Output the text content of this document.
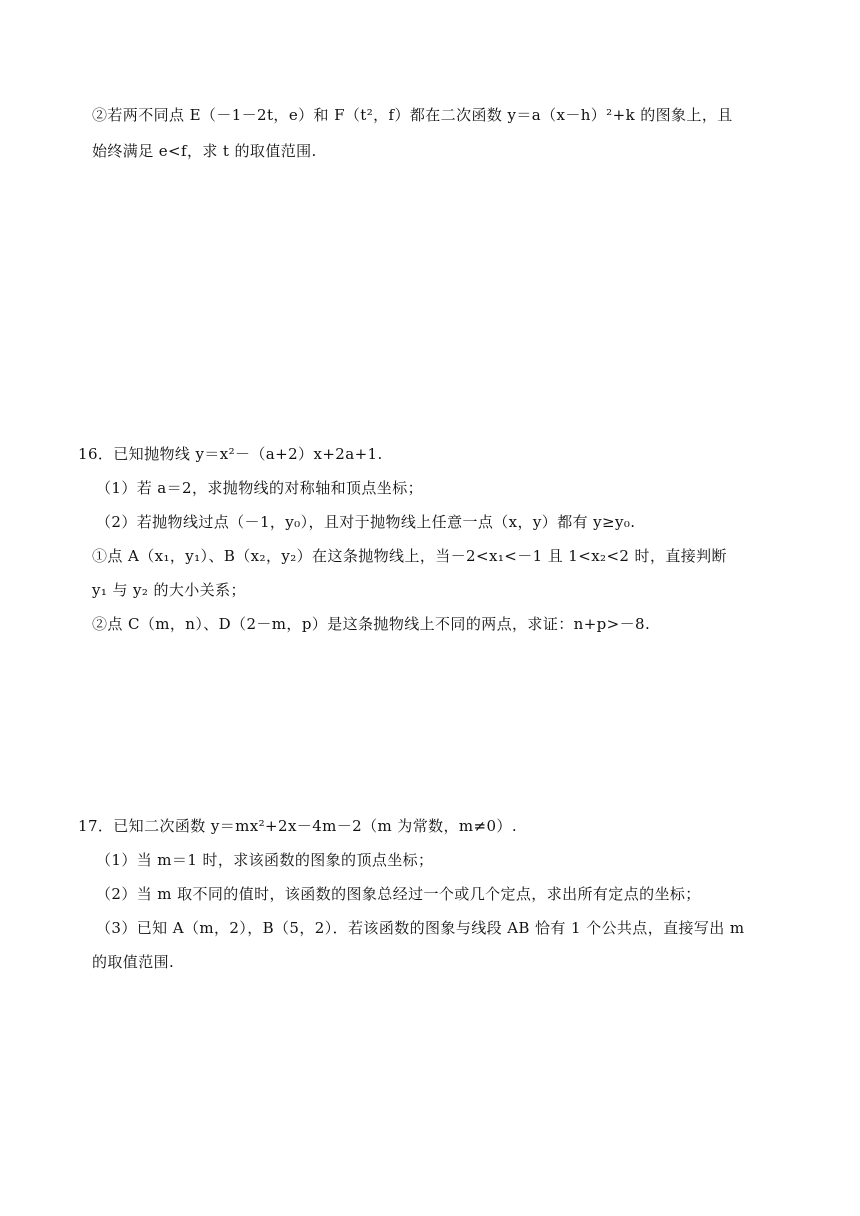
②若两不同点 E（－1－2t，e）和 F（t²，f）都在二次函数 y＝a（x－h）²+k 的图象上，且
始终满足 e<f，求 t 的取值范围.
16．已知抛物线 y＝x²－（a+2）x+2a+1.
（1）若 a＝2，求抛物线的对称轴和顶点坐标；
（2）若抛物线过点（－1，y₀），且对于抛物线上任意一点（x，y）都有 y≥y₀.
①点 A（x₁，y₁）、B（x₂，y₂）在这条抛物线上，当－2<x₁<－1 且 1<x₂<2 时，直接判断
y₁ 与 y₂ 的大小关系；
②点 C（m，n）、D（2－m，p）是这条抛物线上不同的两点，求证：n+p>－8.
17．已知二次函数 y＝mx²+2x－4m－2（m 为常数，m≠0）.
（1）当 m＝1 时，求该函数的图象的顶点坐标；
（2）当 m 取不同的值时，该函数的图象总经过一个或几个定点，求出所有定点的坐标；
（3）已知 A（m，2），B（5，2）．若该函数的图象与线段 AB 恰有 1 个公共点，直接写出 m
的取值范围.
